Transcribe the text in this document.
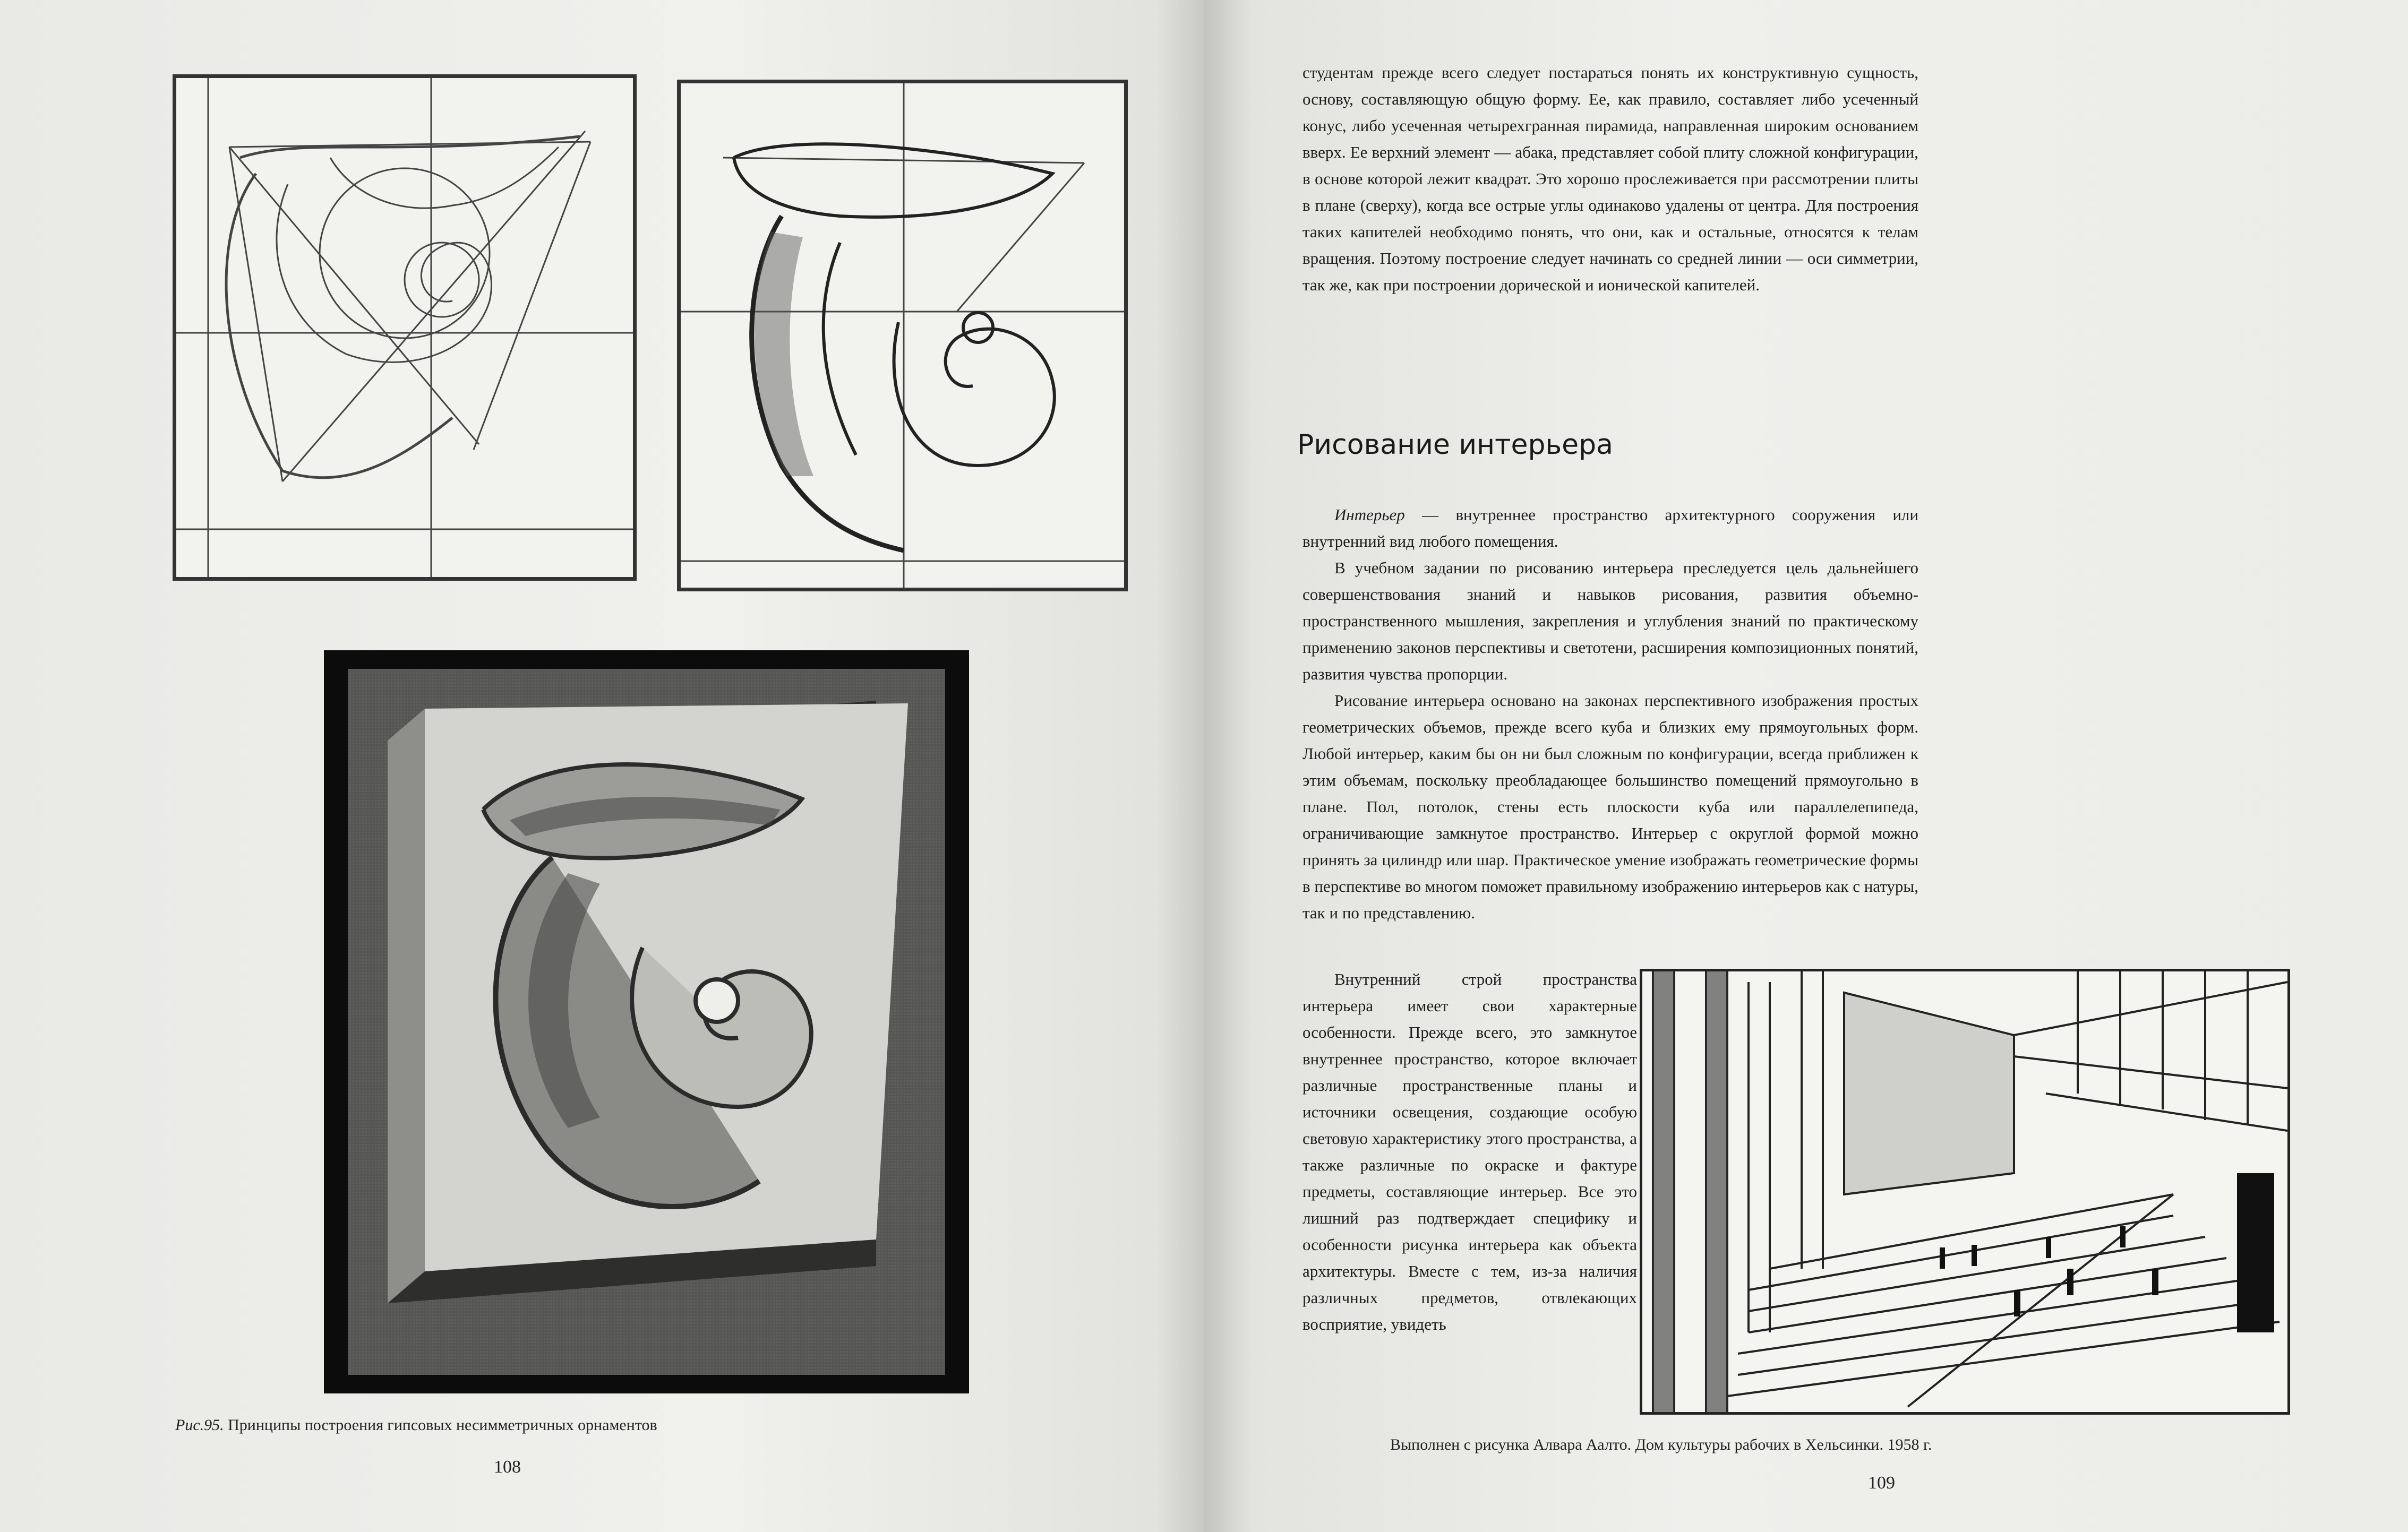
Рис.95. Принципы построения гипсовых несимметричных орнаментов
108

студентам прежде всего следует постараться понять их конструктивную сущность, основу, составляющую общую форму. Ее, как правило, составляет либо усеченный конус, либо усеченная четырехгранная пирамида, направленная широким основанием вверх. Ее верхний элемент — абака, представляет собой плиту сложной конфигурации, в основе которой лежит квадрат. Это хорошо прослеживается при рассмотрении плиты в плане (сверху), когда все острые углы одинаково удалены от центра. Для построения таких капителей необходимо понять, что они, как и остальные, относятся к телам вращения. Поэтому построение следует начинать со средней линии — оси симметрии, так же, как при построении дорической и ионической капителей.

Рисование интерьера

Интерьер — внутреннее пространство архитектурного сооружения или внутренний вид любого помещения.

В учебном задании по рисованию интерьера преследуется цель дальнейшего совершенствования знаний и навыков рисования, развития объемно-пространственного мышления, закрепления и углубления знаний по практическому применению законов перспективы и светотени, расширения композиционных понятий, развития чувства пропорции.

Рисование интерьера основано на законах перспективного изображения простых геометрических объемов, прежде всего куба и близких ему прямоугольных форм. Любой интерьер, каким бы он ни был сложным по конфигурации, всегда приближен к этим объемам, поскольку преобладающее большинство помещений прямоугольно в плане. Пол, потолок, стены есть плоскости куба или параллелепипеда, ограничивающие замкнутое пространство. Интерьер с округлой формой можно принять за цилиндр или шар. Практическое умение изображать геометрические формы в перспективе во многом поможет правильному изображению интерьеров как с натуры, так и по представлению.

Внутренний строй пространства интерьера имеет свои характерные особенности. Прежде всего, это замкнутое внутреннее пространство, которое включает различные пространственные планы и источники освещения, создающие особую световую характеристику этого пространства, а также различные по окраске и фактуре предметы, составляющие интерьер. Все это лишний раз подтверждает специфику и особенности рисунка интерьера как объекта архитектуры. Вместе с тем, из-за наличия различных предметов, отвлекающих восприятие, увидеть

Выполнен с рисунка Алвара Аалто. Дом культуры рабочих в Хельсинки. 1958 г.
109
